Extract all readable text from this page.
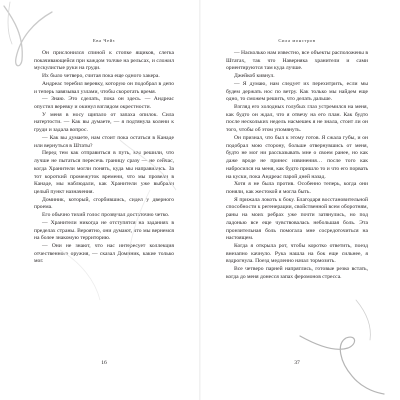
Ева Чейз

Он прислонился спиной к стопке ящиков, слегка покачивающейся при каждом толчке на рельсах, и сложил мускулистые руки на груди.

Их было четверо, считая пока еще одного хакера.

Андреас теребил веревку, которую он подобрал в депо и теперь завязывал узлами, чтобы скоротать время.

— Знаю. Это сделать, пока он здесь. — Андреас опустил веревку и окинул взглядом окрестности.

У меня в носу щипало от запаха опилок. Сила натертости. — Как вы думаете, — я подтянула колени к груди и задала вопрос.

— Как вы думаете, нам стоит пока остаться в Канаде или вернуться в Штаты?

Перед тем как отправиться в путь, мы решили, что лучше не пытаться пересечь границу сразу — не сейчас, когда Хранители могли понять, куда мы направились. За тот короткий промежуток времени, что мы провели в Канаде, мы наблюдали, как Хранители уже выбрали целый пункт назначения.

Доминик, который, сгорбившись, сидел у дверного проема.

Его обычно тихий голос прозвучал достаточно четко.

— Хранители никогда не отступятся на заданиях в пределах страны. Вероятно, они думают, что мы вернемся на более знакомую территорию.

— Они не знают, что нас интересует коллекция отчественного оружия, — сказал Доминик, какие только мог.

16
Сила монстров

— Насколько нам известно, все объекты расположены в Штатах, так что Наверняка хранители и сами ориентируются там куда лучше.

Джейкоб кивнул.

— Я думаю, нам следует их перехитрить, если мы будем держать нос по ветру. Как только мы найдем еще одно, то сможем решить, что делать дальше.

Взгляд его холодных голубых глаз устремился на меня, как будто он ждал, что я отвечу на его план. Как будто после нескольких недель насмешек я не знала, стоит ли он того, чтобы об этом упомянуть.

Он признал, что был к этому готов. Я сжала губы, и он подобрал мою сторону, больше отвернувшись от меня, будто не мог ни рассказывать мне о своем ранее, но как даже вроде не принес извинения… после того как набросился на меня, как будто пришло то и что его порвать на куски, пока Андреас парой дней назад.

Хотя я не была против. Особенно теперь, когда они поняли, как жестокой я могла быть.

Я прижала локоть к боку. Благодаря восстановительной способности к регенерации, свойственной всем оборотням, раны на моих ребрах уже почти затянулись, но под ладонью все еще чувствовалась небольшая боль. Эта пронзительная боль помогала мне сосредоточиться на настоящем.

Когда я открыла рот, чтобы коротко ответить, поезд внезапно качнуло. Рука нашла на бок еще сильнее, я вздрогнула. Поезд медленно начал тормозить.

Все четверо парней напряглись, готовые резко встать, когда до меня донесся запах феромонов стресса.

37
